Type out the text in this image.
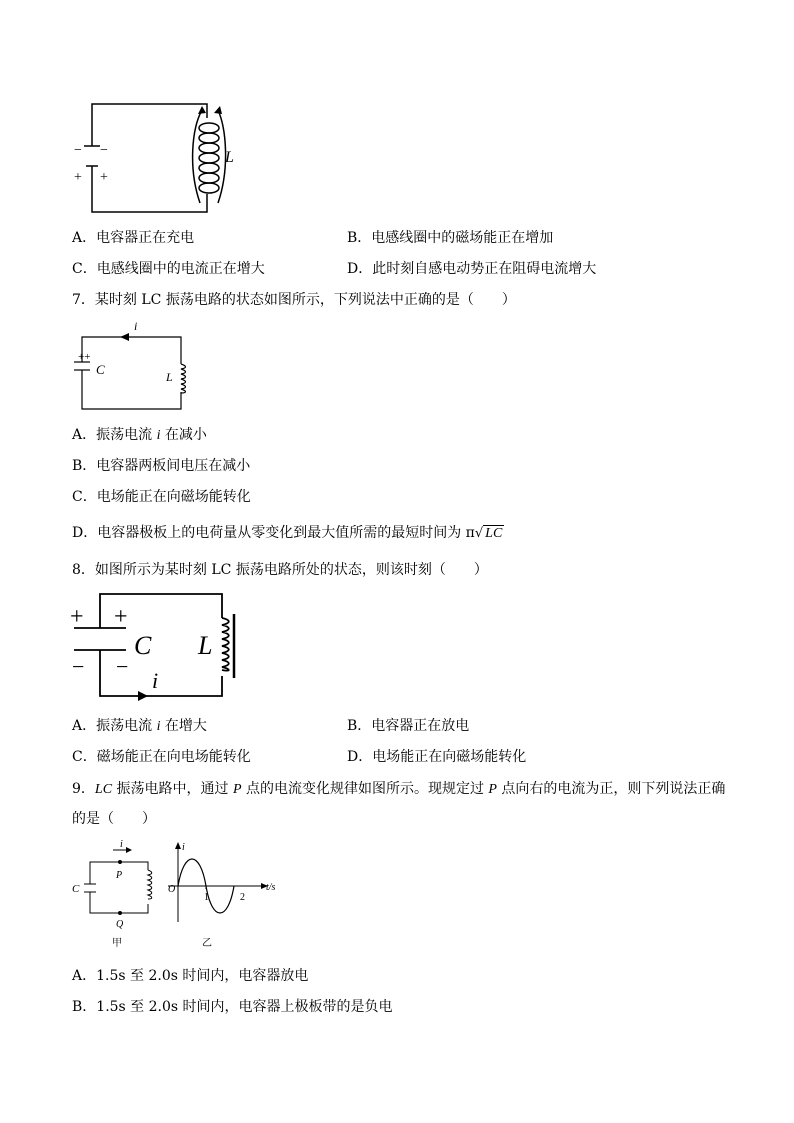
− −
+ +
L
A．电容器正在充电	B．电感线圈中的磁场能正在增加
C．电感线圈中的电流正在增大	D．此时刻自感电动势正在阻碍电流增大
7．某时刻 LC 振荡电路的状态如图所示，下列说法中正确的是（　　）
i
++
C	L
A．振荡电流 i 在减小
B．电容器两板间电压在减小
C．电场能正在向磁场能转化
D．电容器极板上的电荷量从零变化到最大值所需的最短时间为 π√ LC
8．如图所示为某时刻 LC 振荡电路所处的状态，则该时刻（　　）
+ +
− −
C L
i
A．振荡电流 i 在增大	B．电容器正在放电
C．磁场能正在向电场能转化	D．电场能正在向磁场能转化
9．LC 振荡电路中，通过 P 点的电流变化规律如图所示。现规定过 P 点向右的电流为正，则下列说法正确
的是（　　）
i
C
P
Q
甲
i
t/s
O
1	2
乙
A．1.5s 至 2.0s 时间内，电容器放电
B．1.5s 至 2.0s 时间内，电容器上极板带的是负电
